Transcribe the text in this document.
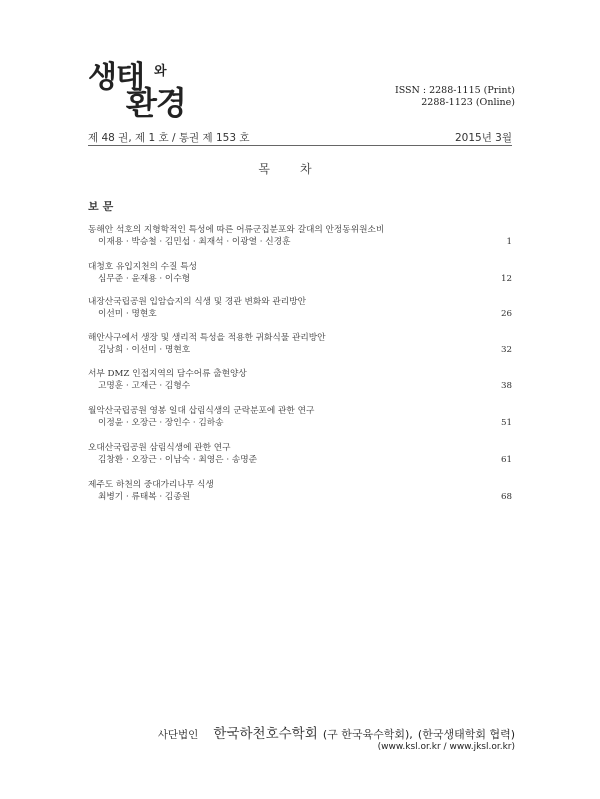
생태 와
환경	ISSN : 2288-1115 (Print)
2288-1123 (Online)
제 48 권, 제 1 호 / 통권 제 153 호	2015년 3월
목차
보문
동해안 석호의 지형학적인 특성에 따른 어류군집분포와 갈대의 안정동위원소비
이재용 · 박승철 · 김민섭 · 최재석 · 이광열 · 신경훈	1
대청호 유입지천의 수질 특성
심무준 · 윤재용 · 이수형	12
내장산국립공원 입암습지의 식생 및 경관 변화와 관리방안
이선미 · 명현호	26
해안사구에서 생장 및 생리적 특성을 적용한 귀화식물 관리방안
김낭희 · 이선미 · 명현호	32
서부 DMZ 인접지역의 담수어류 출현양상
고명훈 · 고재근 · 김형수	38
월악산국립공원 영봉 일대 삽림식생의 군락분포에 관한 연구
이정윤 · 오장근 · 장인수 · 김하송	51
오대산국립공원 삼림식생에 관한 연구
김창환 · 오장근 · 이남숙 · 최영은 · 송명준	61
제주도 하천의 중대가리나무 식생
최병기 · 류태복 · 김종원	68
사단법인 한국하천호수학회 (구 한국육수학회), (한국생태학회 협력)
(www.ksl.or.kr / www.jksl.or.kr)
